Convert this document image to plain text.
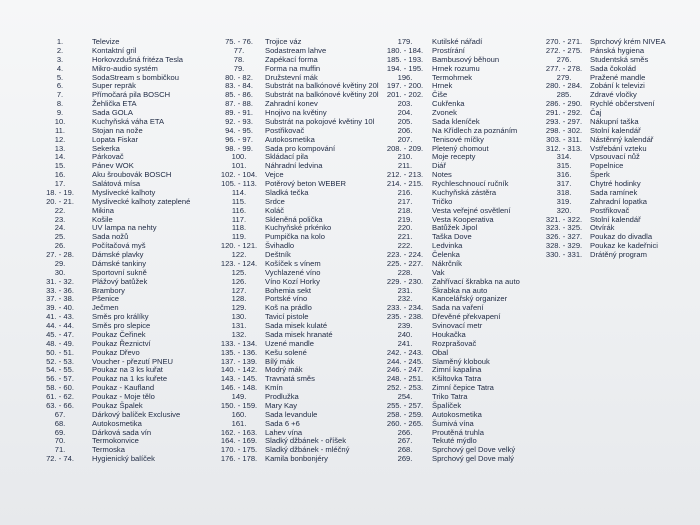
1.	Televize
2.	Kontaktní gril
3.	Horkovzdušná fritéza Tesla
4.	Mikro-audio systém
5.	SodaStream s bombičkou
6.	Super repräk
7.	Přímočará pila BOSCH
8.	Žehlička ETA
9.	Sada GOLA
10.	Kuchyňská váha ETA
11.	Stojan na nože
12.	Lopata Fiskar
13.	Sekerka
14.	Párkovač
15.	Pánev WOK
16.	Aku šroubovák BOSCH
17.	Salátová mísa
18. - 19.	Myslivecké kalhoty
20. - 21.	Myslivecké kalhoty zateplené
22.	Mikina
23.	Košile
24.	UV lampa na nehty
25.	Sada nožů
26.	Počítačová myš
27. - 28.	Dámské plavky
29.	Dámské tankiny
30.	Sportovní sukně
31. - 32.	Plážový batůžek
33. - 36.	Brambory
37. - 38.	Pšenice
39. - 40.	Ječmen
41. - 43.	Směs pro králíky
44. - 44.	Směs pro slepice
45. - 47.	Poukaz Čeřinek
48. - 49.	Poukaz Řeznictví
50. - 51.	Poukaz Dřevo
52. - 53.	Voucher - přezutí PNEU
54. - 55.	Poukaz na 3 ks kuřat
56. - 57.	Poukaz na 1 ks kuřete
58. - 60.	Poukaz - Kaufland
61. - 62.	Poukaz - Moje tělo
63. - 66.	Poukaz Špalek
67.	Dárkový balíček Exclusive
68.	Autokosmetika
69.	Dárková sada vín
70.	Termokonvice
71.	Termoska
72. - 74.	Hygienický balíček
75. - 76.	Trojice váz
77.	Sodastream lahve
78.	Zapékací forma
79.	Forma na muffin
80. - 82.	Družstevní mák
83. - 84.	Substrát na balkónové květiny 20l
85. - 86.	Substrát na balkónové květiny 20l
87. - 88.	Zahradní konev
89. - 91.	Hnojivo na květiny
92. - 93.	Substrát na pokojové květiny 10l
94. - 95.	Postřikovač
96. - 97.	Autokosmetika
98. - 99.	Sada pro kompování
100.	Skládací pila
101.	Náhradní ledvina
102. - 104.	Vejce
105. - 113.	Potěrový beton WEBER
114.	Sladká tečka
115.	Srdce
116.	Koláč
117.	Skleněná polička
118.	Kuchyňské prkénko
119.	Pumpička na kolo
120. - 121.	Švihadlo
122.	Deštník
123. - 124.	Košíček s vínem
125.	Vychlazené víno
126.	Víno Kozí Horky
127.	Bohemia sekt
128.	Portské víno
129.	Koš na prádlo
130.	Tavicí pistole
131.	Sada misek kulaté
132.	Sada misek hranaté
133. - 134.	Uzené mandle
135. - 136.	Kešu solené
137. - 139.	Bílý mák
140. - 142.	Modrý mák
143. - 145.	Travnatá směs
146. - 148.	Kmín
149.	Prodlužka
150. - 159.	Mary Kay
160.	Sada levandule
161.	Sada 6 +6
162. - 163.	Lahev vína
164. - 169.	Sladký džbánek - oříšek
170. - 175.	Sladký džbánek - mléčný
176. - 178.	Kamila bonbonjéry
179.	Kutilské nářadí
180. - 184.	Prostírání
185. - 193.	Bambusový běhoun
194. - 195.	Hrnek rozumu
196.	Termohrnek
197. - 200.	Hrnek
201. - 202.	Čiše
203.	Cukřenka
204.	Zvonek
205.	Sada kleníček
206.	Na Křídlech za poznáním
207.	Tenisové míčky
208. - 209.	Pletený chomout
210.	Moje recepty
211.	Diář
212. - 213.	Notes
214. - 215.	Rychleschnoucí ručník
216.	Kuchyňská zástěra
217.	Tričko
218.	Vesta veřejné osvětlení
219.	Vesta Kooperativa
220.	Batůžek Jipol
221.	Taška Dove
222.	Ledvinka
223. - 224.	Čelenka
225. - 227.	Nákrčník
228.	Vak
229. - 230.	Zahřívací škrabka na auto
231.	Škrabka na auto
232.	Kancelářský organizer
233. - 234.	Sada na vaření
235. - 238.	Dřevěné překvapení
239.	Svinovací metr
240.	Houkačka
241.	Rozprašovač
242. - 243.	Obal
244. - 245.	Slaměný klobouk
246. - 247.	Zimní kapalina
248. - 251.	Kšiltovka Tatra
252. - 253.	Zimní čepice Tatra
254.	Triko Tatra
255. - 257.	Špalíček
258. - 259.	Autokosmetika
260. - 265.	Šumivá vína
266.	Proutěná truhla
267.	Tekuté mýdlo
268.	Sprchový gel Dove velký
269.	Sprchový gel Dove malý
270. - 271.	Sprchový krém NIVEA
272. - 275.	Pánská hygiena
276.	Studentská směs
277. - 278.	Sada čokolád
279.	Pražené mandle
280. - 284.	Zobání k televizi
285.	Zdravé vločky
286. - 290.	Rychlé občerstvení
291. - 292.	Čaj
293. - 297.	Nákupní taška
298. - 302.	Stolní kalendář
303. - 311.	Nástěnný kalendář
312. - 313.	Vstřebání vzteku
314.	Vpsouvací nůž
315.	Popelnice
316.	Šperk
317.	Chytré hodinky
318.	Sada ramínek
319.	Zahradní lopatka
320.	Postřikovač
321. - 322.	Stolní kalendář
323. - 325.	Otvírák
326. - 327.	Poukaz do divadla
328. - 329.	Poukaz ke kadeřnici
330. - 331.	Drátěný program
